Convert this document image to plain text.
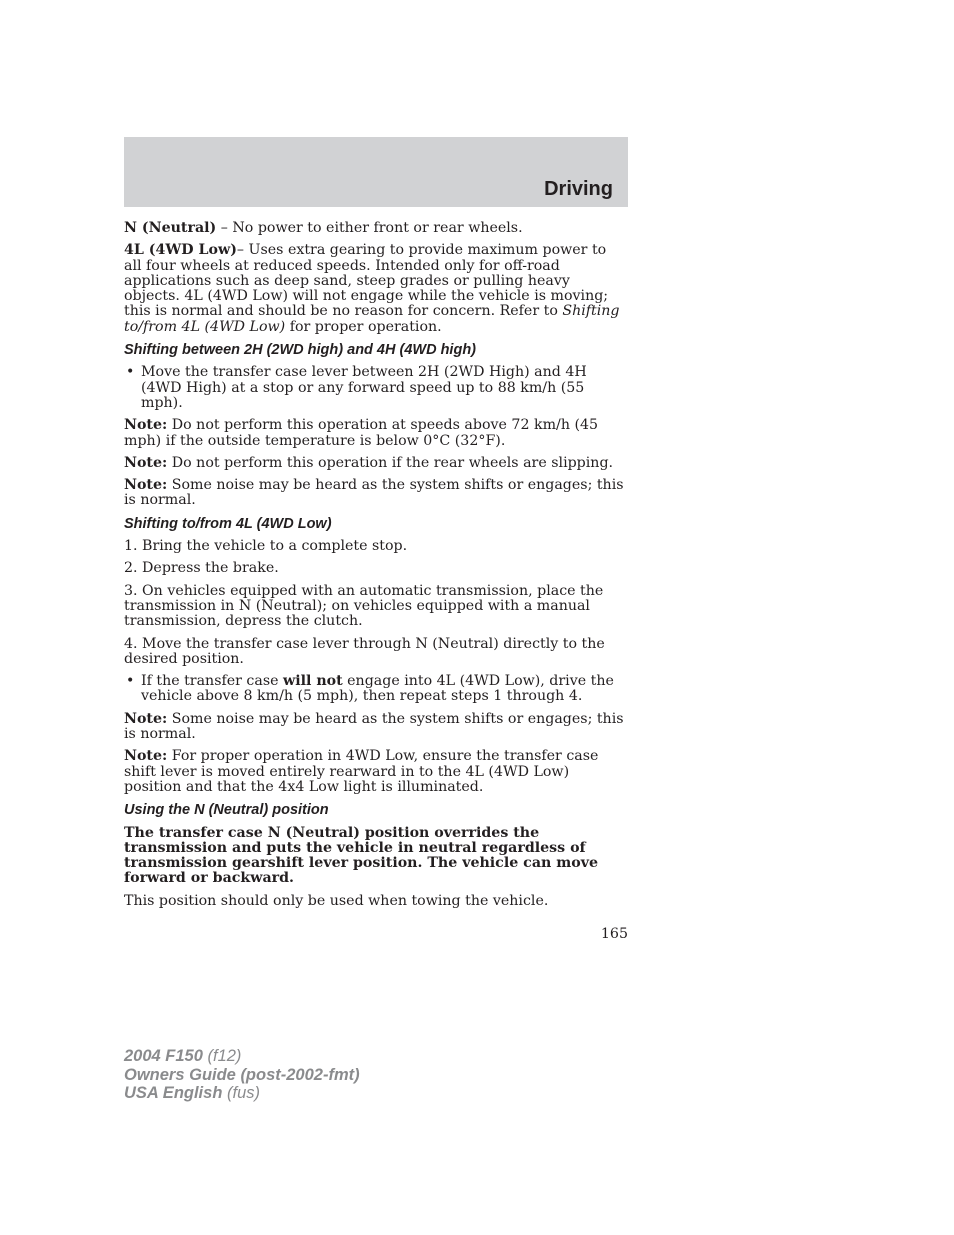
Driving

N (Neutral) – No power to either front or rear wheels.

4L (4WD Low)– Uses extra gearing to provide maximum power to all four wheels at reduced speeds. Intended only for off-road applications such as deep sand, steep grades or pulling heavy objects. 4L (4WD Low) will not engage while the vehicle is moving; this is normal and should be no reason for concern. Refer to Shifting to/from 4L (4WD Low) for proper operation.

Shifting between 2H (2WD high) and 4H (4WD high)

• Move the transfer case lever between 2H (2WD High) and 4H (4WD High) at a stop or any forward speed up to 88 km/h (55 mph).

Note: Do not perform this operation at speeds above 72 km/h (45 mph) if the outside temperature is below 0°C (32°F).

Note: Do not perform this operation if the rear wheels are slipping.

Note: Some noise may be heard as the system shifts or engages; this is normal.

Shifting to/from 4L (4WD Low)

1. Bring the vehicle to a complete stop.

2. Depress the brake.

3. On vehicles equipped with an automatic transmission, place the transmission in N (Neutral); on vehicles equipped with a manual transmission, depress the clutch.

4. Move the transfer case lever through N (Neutral) directly to the desired position.

• If the transfer case will not engage into 4L (4WD Low), drive the vehicle above 8 km/h (5 mph), then repeat steps 1 through 4.

Note: Some noise may be heard as the system shifts or engages; this is normal.

Note: For proper operation in 4WD Low, ensure the transfer case shift lever is moved entirely rearward in to the 4L (4WD Low) position and that the 4x4 Low light is illuminated.

Using the N (Neutral) position

The transfer case N (Neutral) position overrides the transmission and puts the vehicle in neutral regardless of transmission gearshift lever position. The vehicle can move forward or backward.

This position should only be used when towing the vehicle.

165
2004 F150 (f12)
Owners Guide (post-2002-fmt)
USA English (fus)
